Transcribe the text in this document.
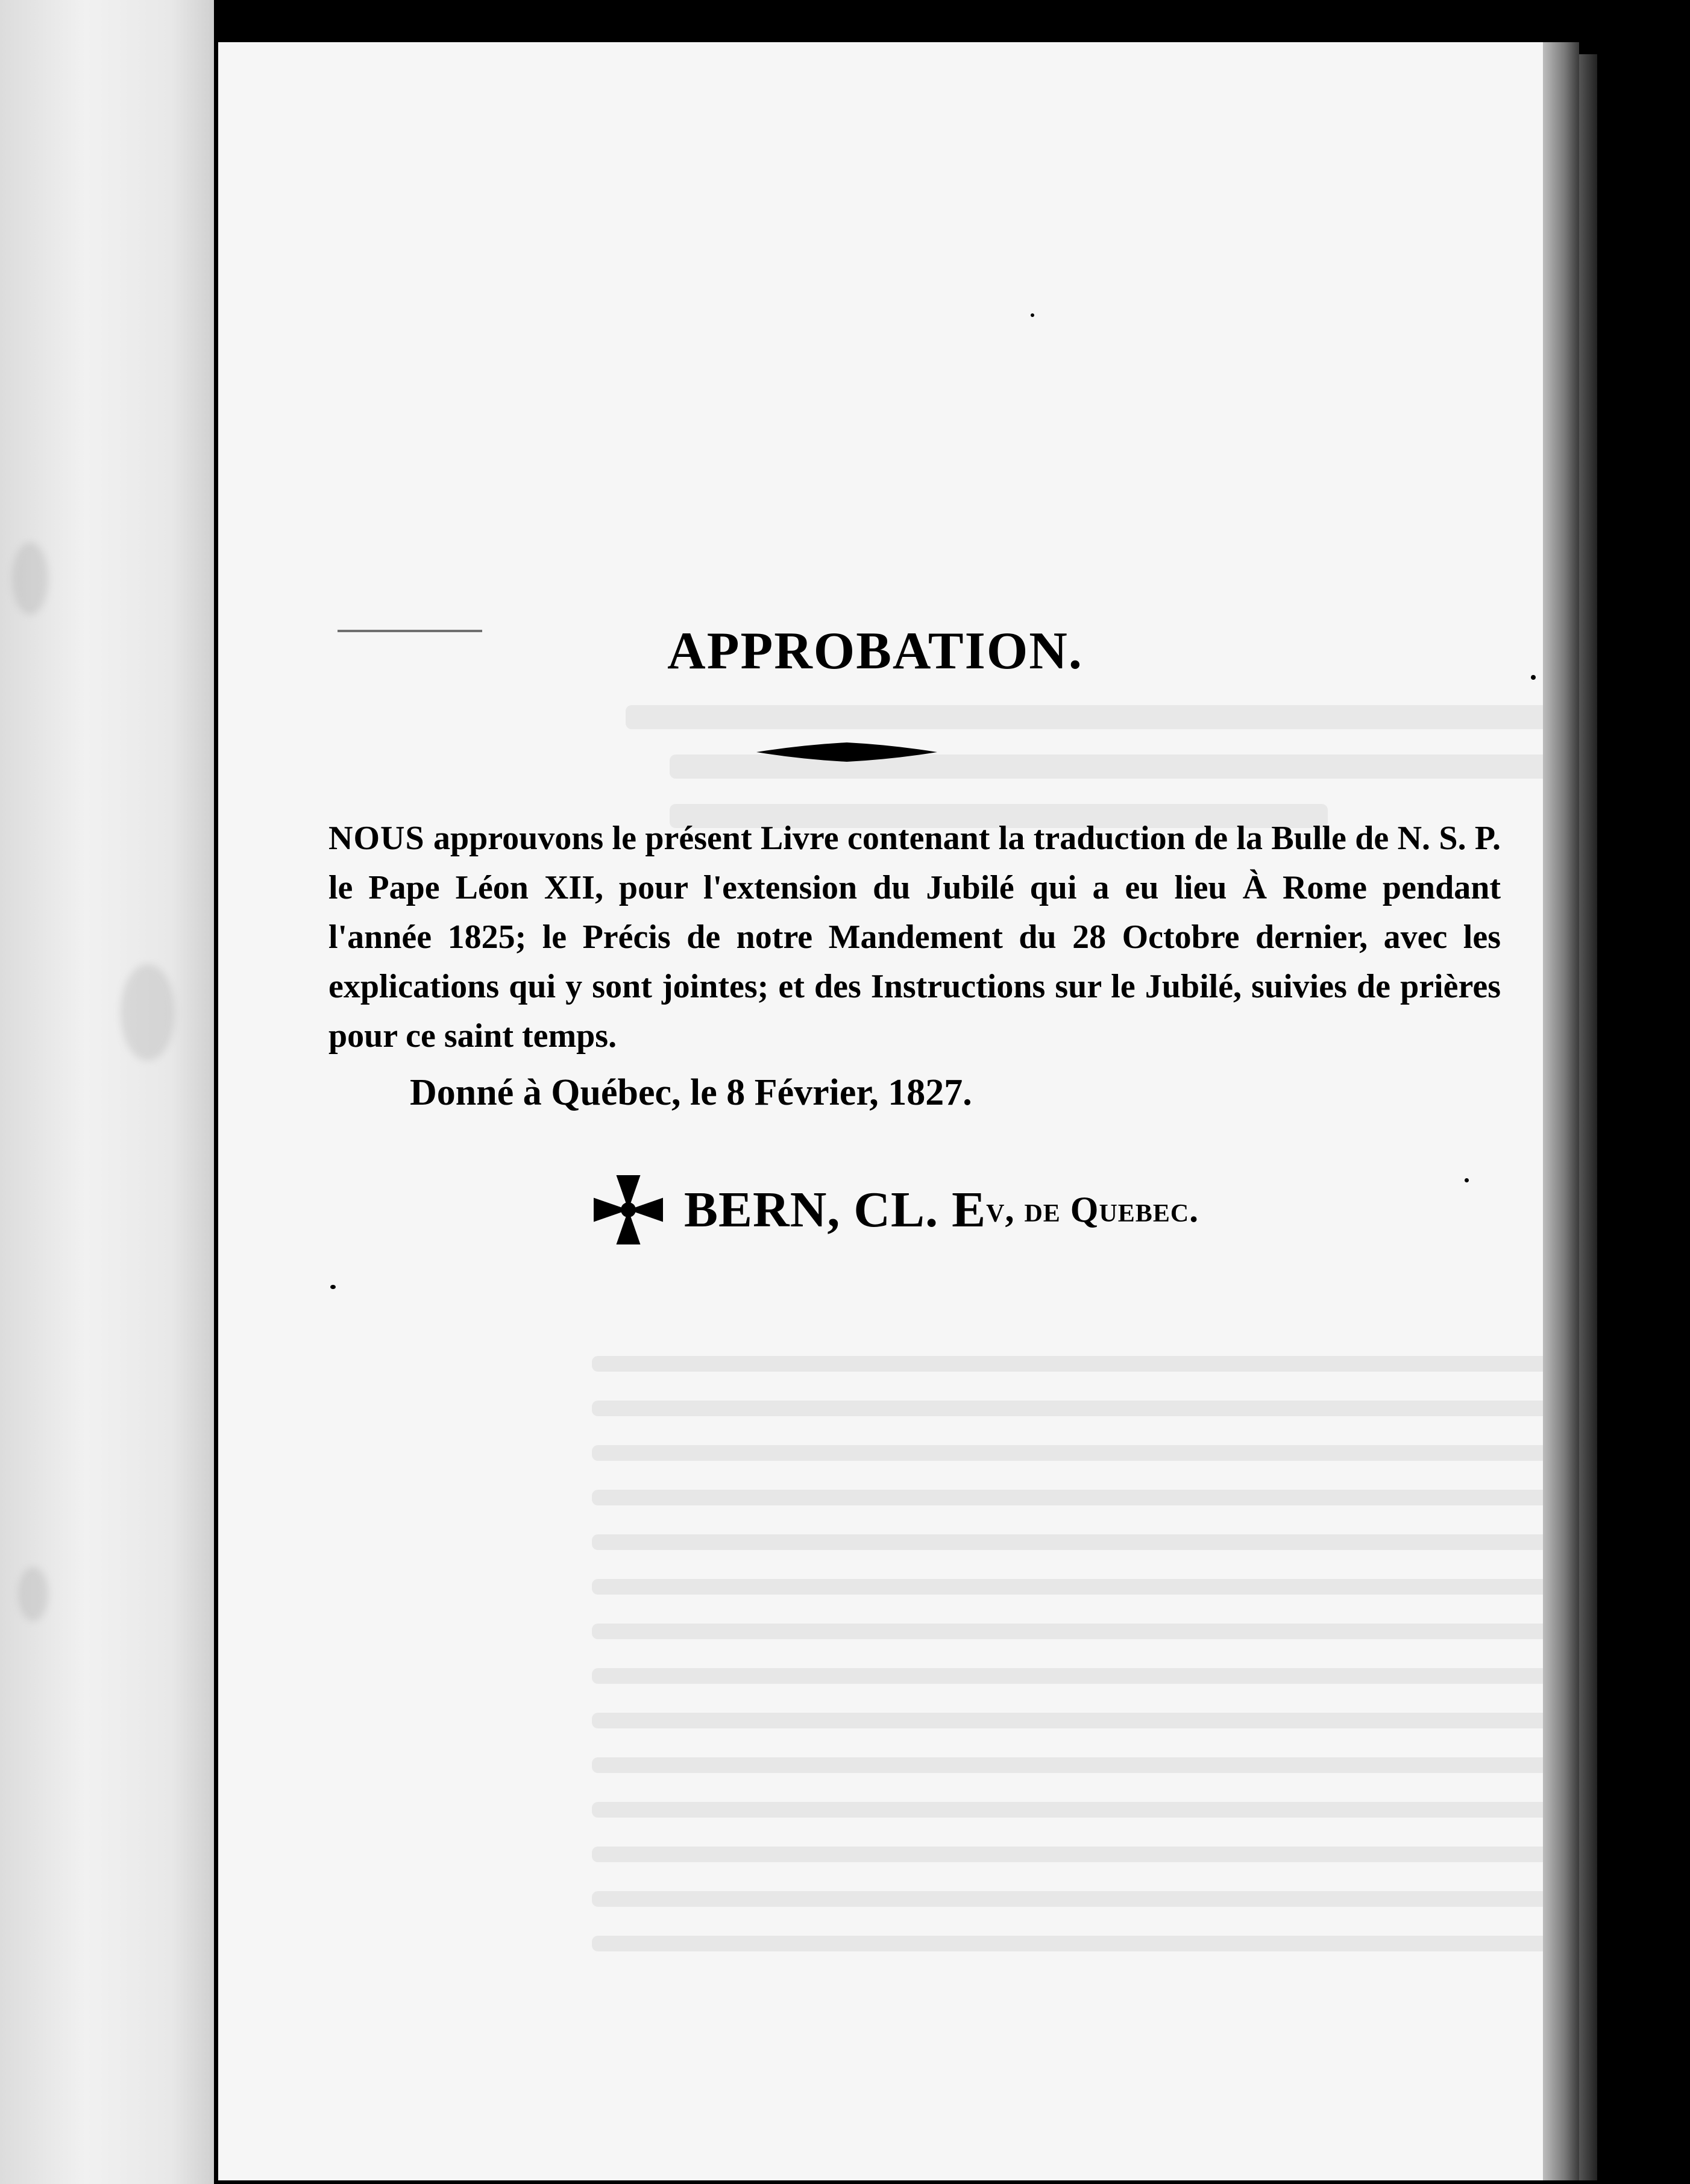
APPROBATION.

NOUS approuvons le présent Livre contenant la traduction de la Bulle de N. S. P. le Pape Léon XII, pour l'extension du Jubilé qui a eu lieu À Rome pendant l'année 1825; le Précis de notre Mandement du 28 Octobre dernier, avec les explications qui y sont jointes; et des Instructions sur le Jubilé, suivies de prières pour ce saint temps.

Donné à Québec, le 8 Février, 1827.

BERN, CL. E v, de Quebec.
